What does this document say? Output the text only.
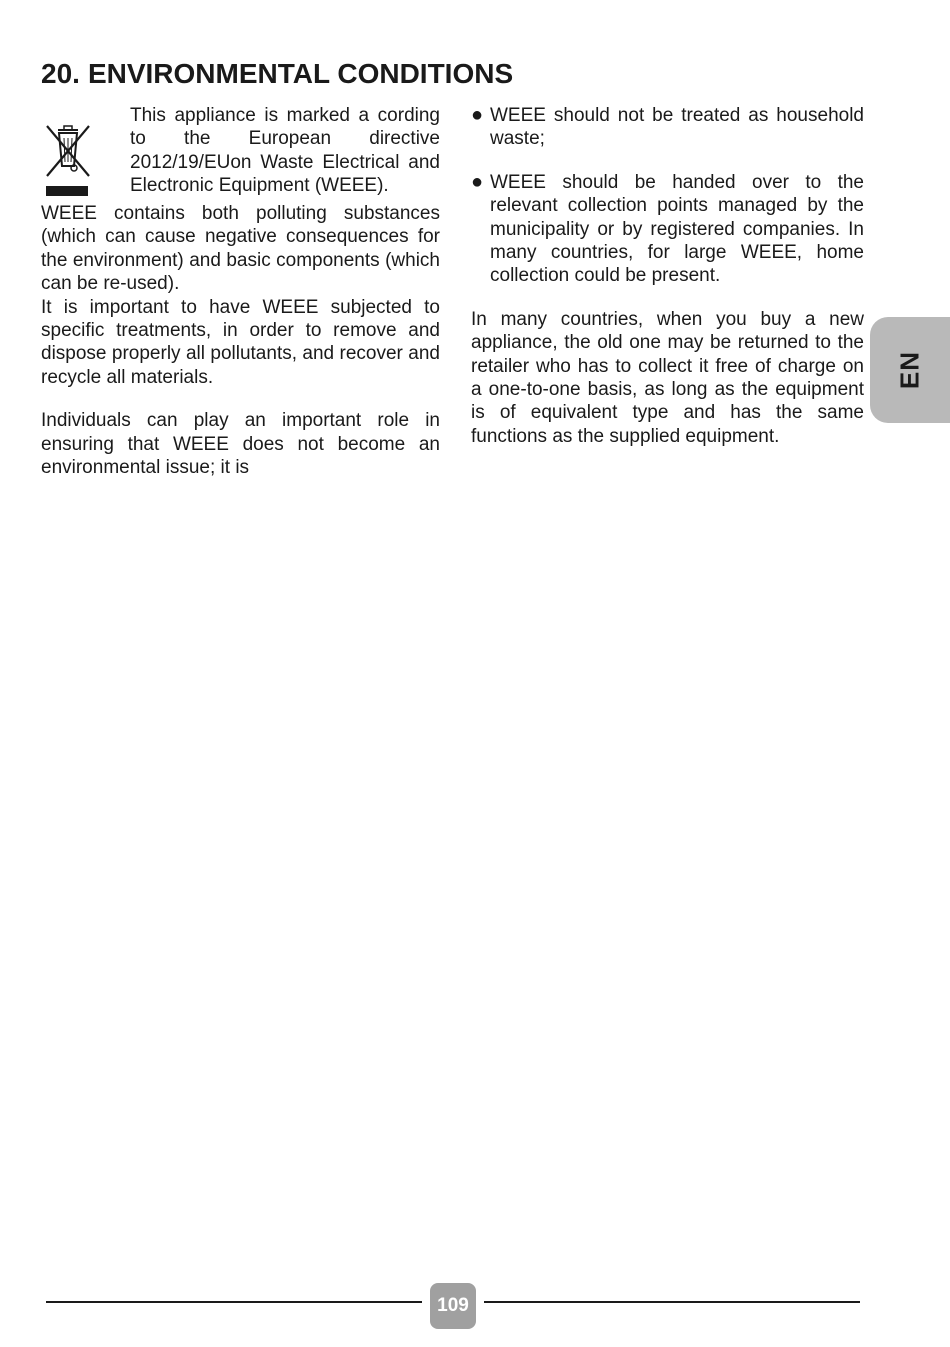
20. ENVIRONMENTAL CONDITIONS

This appliance is marked a cording to the European directive 2012/19/EUon Waste Electrical and Electronic Equipment (WEEE).

WEEE contains both polluting substances (which can cause negative consequences for the environment) and basic components (which can be re-used).

It is important to have WEEE subjected to specific treatments, in order to remove and dispose properly all pollutants, and recover and recycle all materials.

Individuals can play an important role in ensuring that WEEE does not become an environmental issue; it is

● WEEE should not be treated as household waste;

● WEEE should be handed over to the relevant collection points managed by the municipality or by registered companies. In many countries, for large WEEE, home collection could be present.

In many countries, when you buy a new appliance, the old one may be returned to the retailer who has to collect it free of charge on a one-to-one basis, as long as the equipment is of equivalent type and has the same functions as the supplied equipment.

EN
109
